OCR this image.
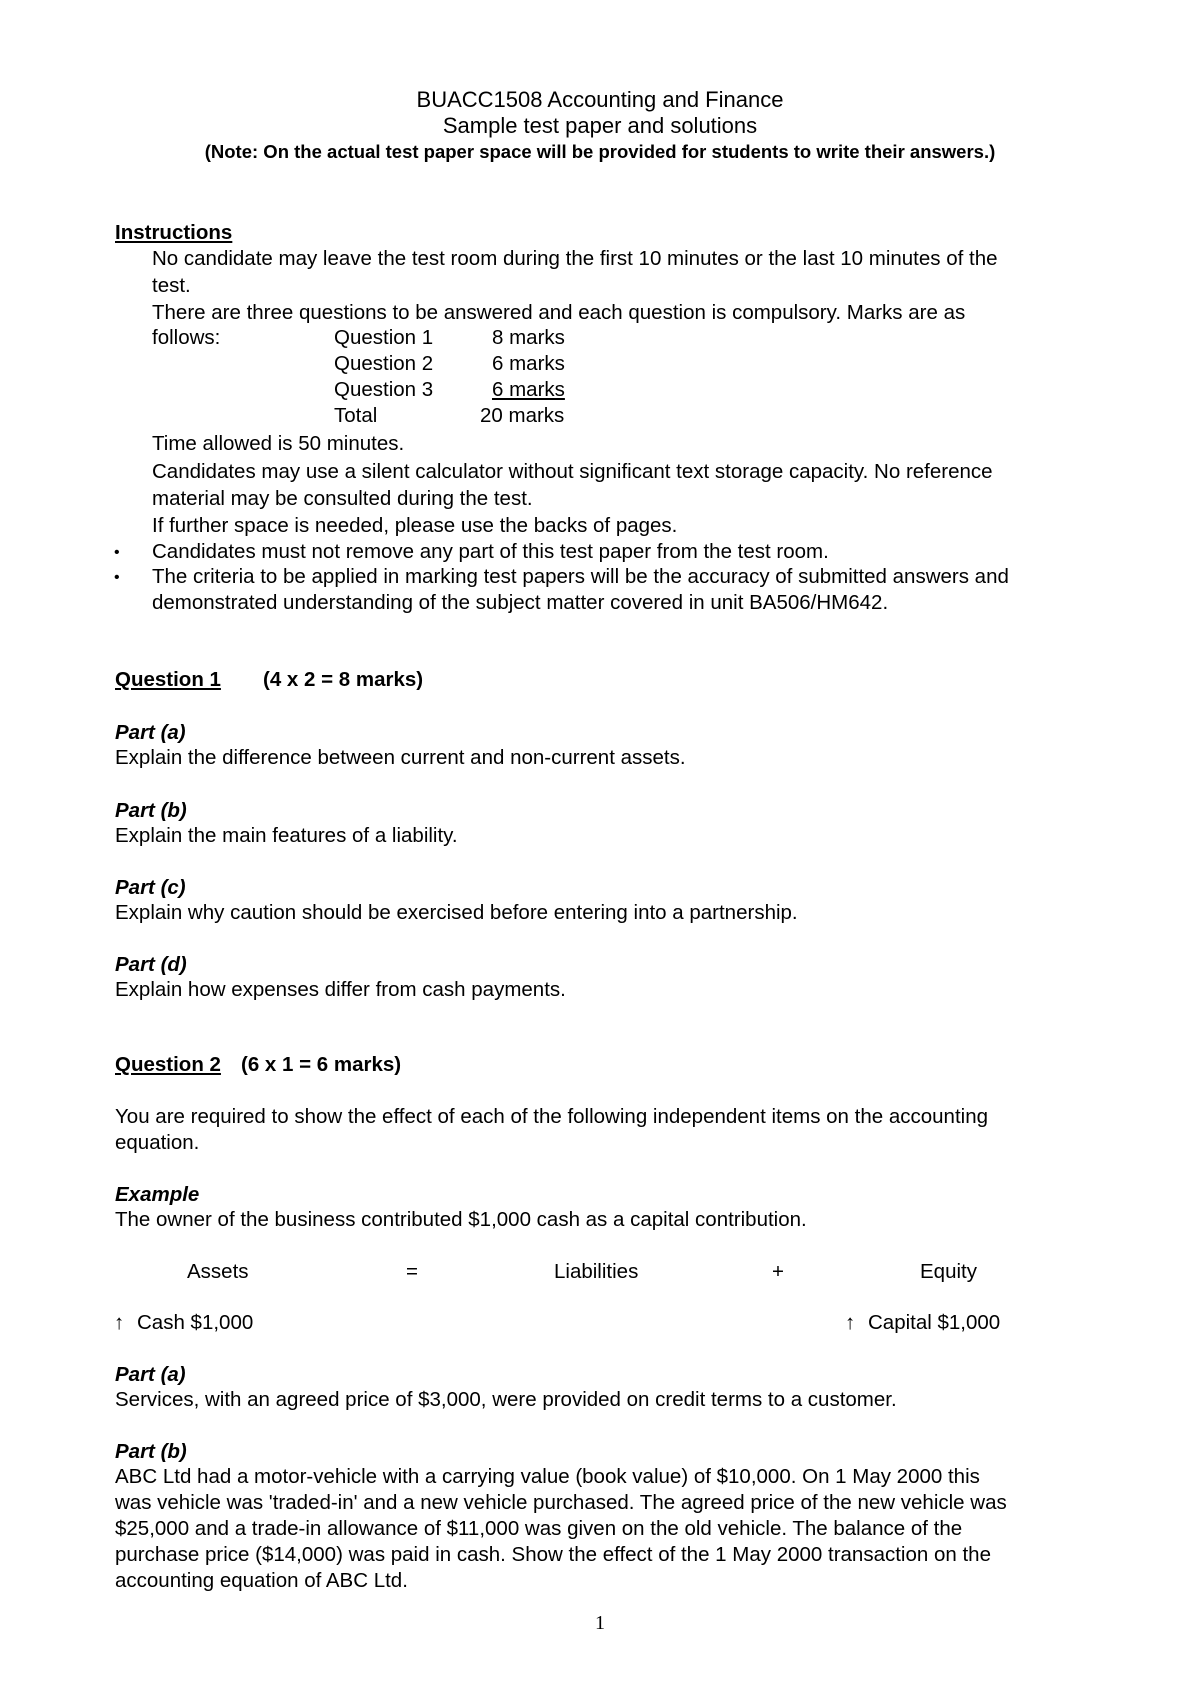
BUACC1508 Accounting and Finance
Sample test paper and solutions
(Note: On the actual test paper space will be provided for students to write their answers.)
Instructions
No candidate may leave the test room during the first 10 minutes or the last 10 minutes of the
test.
There are three questions to be answered and each question is compulsory. Marks are as
follows:	Question 1	8 marks
Question 2	6 marks
Question 3	6 marks
Total	20 marks
Time allowed is 50 minutes.
Candidates may use a silent calculator without significant text storage capacity. No reference
material may be consulted during the test.
If further space is needed, please use the backs of pages.
• Candidates must not remove any part of this test paper from the test room.
• The criteria to be applied in marking test papers will be the accuracy of submitted answers and
demonstrated understanding of the subject matter covered in unit BA506/HM642.
Question 1 (4 x 2 = 8 marks)
Part (a)
Explain the difference between current and non-current assets.
Part (b)
Explain the main features of a liability.
Part (c)
Explain why caution should be exercised before entering into a partnership.
Part (d)
Explain how expenses differ from cash payments.
Question 2 (6 x 1 = 6 marks)
You are required to show the effect of each of the following independent items on the accounting
equation.
Example
The owner of the business contributed $1,000 cash as a capital contribution.
Assets	=	Liabilities	+	Equity
↑ Cash $1,000	↑ Capital $1,000
Part (a)
Services, with an agreed price of $3,000, were provided on credit terms to a customer.
Part (b)
ABC Ltd had a motor-vehicle with a carrying value (book value) of $10,000. On 1 May 2000 this
was vehicle was 'traded-in' and a new vehicle purchased. The agreed price of the new vehicle was
$25,000 and a trade-in allowance of $11,000 was given on the old vehicle. The balance of the
purchase price ($14,000) was paid in cash. Show the effect of the 1 May 2000 transaction on the
accounting equation of ABC Ltd.
1
